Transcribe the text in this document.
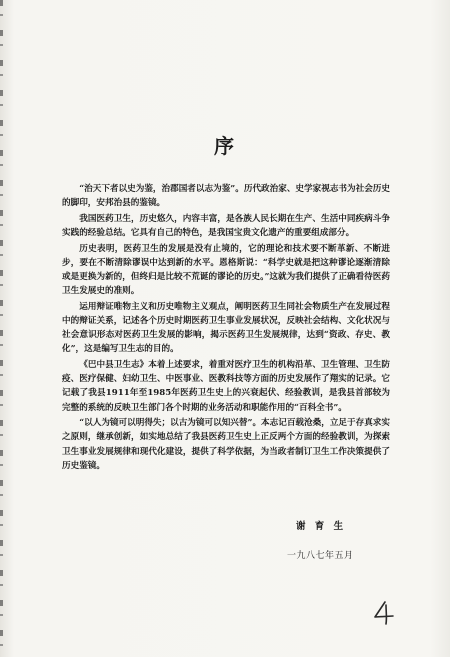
序

“治天下者以史为鉴，治郡国者以志为鉴”。历代政治家、史学家视志书为社会历史的脚印，安邦治县的鉴镜。

我国医药卫生，历史悠久，内容丰富，是各族人民长期在生产、生活中同疾病斗争实践的经验总结。它具有自己的特色，是我国宝贵文化遗产的重要组成部分。

历史表明，医药卫生的发展是没有止境的，它的理论和技术要不断革新、不断进步，要在不断清除谬误中达到新的水平。恩格斯说：“科学史就是把这种谬论逐渐清除或是更换为新的，但终归是比较不荒诞的谬论的历史。”这就为我们提供了正确看待医药卫生发展史的准则。

运用辩证唯物主义和历史唯物主义观点，阐明医药卫生同社会物质生产在发展过程中的辩证关系，记述各个历史时期医药卫生事业发展状况，反映社会结构、文化状况与社会意识形态对医药卫生发展的影响，揭示医药卫生发展规律，达到“资政、存史、教化”，这是编写卫生志的目的。

《巴中县卫生志》本着上述要求，着重对医疗卫生的机构沿革、卫生管理、卫生防疫、医疗保健、妇幼卫生、中医事业、医教科技等方面的历史发展作了翔实的记录。它记载了我县1911年至1985年医药卫生史上的兴衰起伏、经验教训，是我县首部较为完整的系统的反映卫生部门各个时期的业务活动和职能作用的“百科全书”。

“以人为镜可以明得失；以古为镜可以知兴替”。本志记百载沧桑，立足于存真求实之原则，继承创新，如实地总结了我县医药卫生史上正反两个方面的经验教训，为探索卫生事业发展规律和现代化建设，提供了科学依据，为当政者制订卫生工作决策提供了历史鉴镜。

谢 育 生
一九八七年五月
